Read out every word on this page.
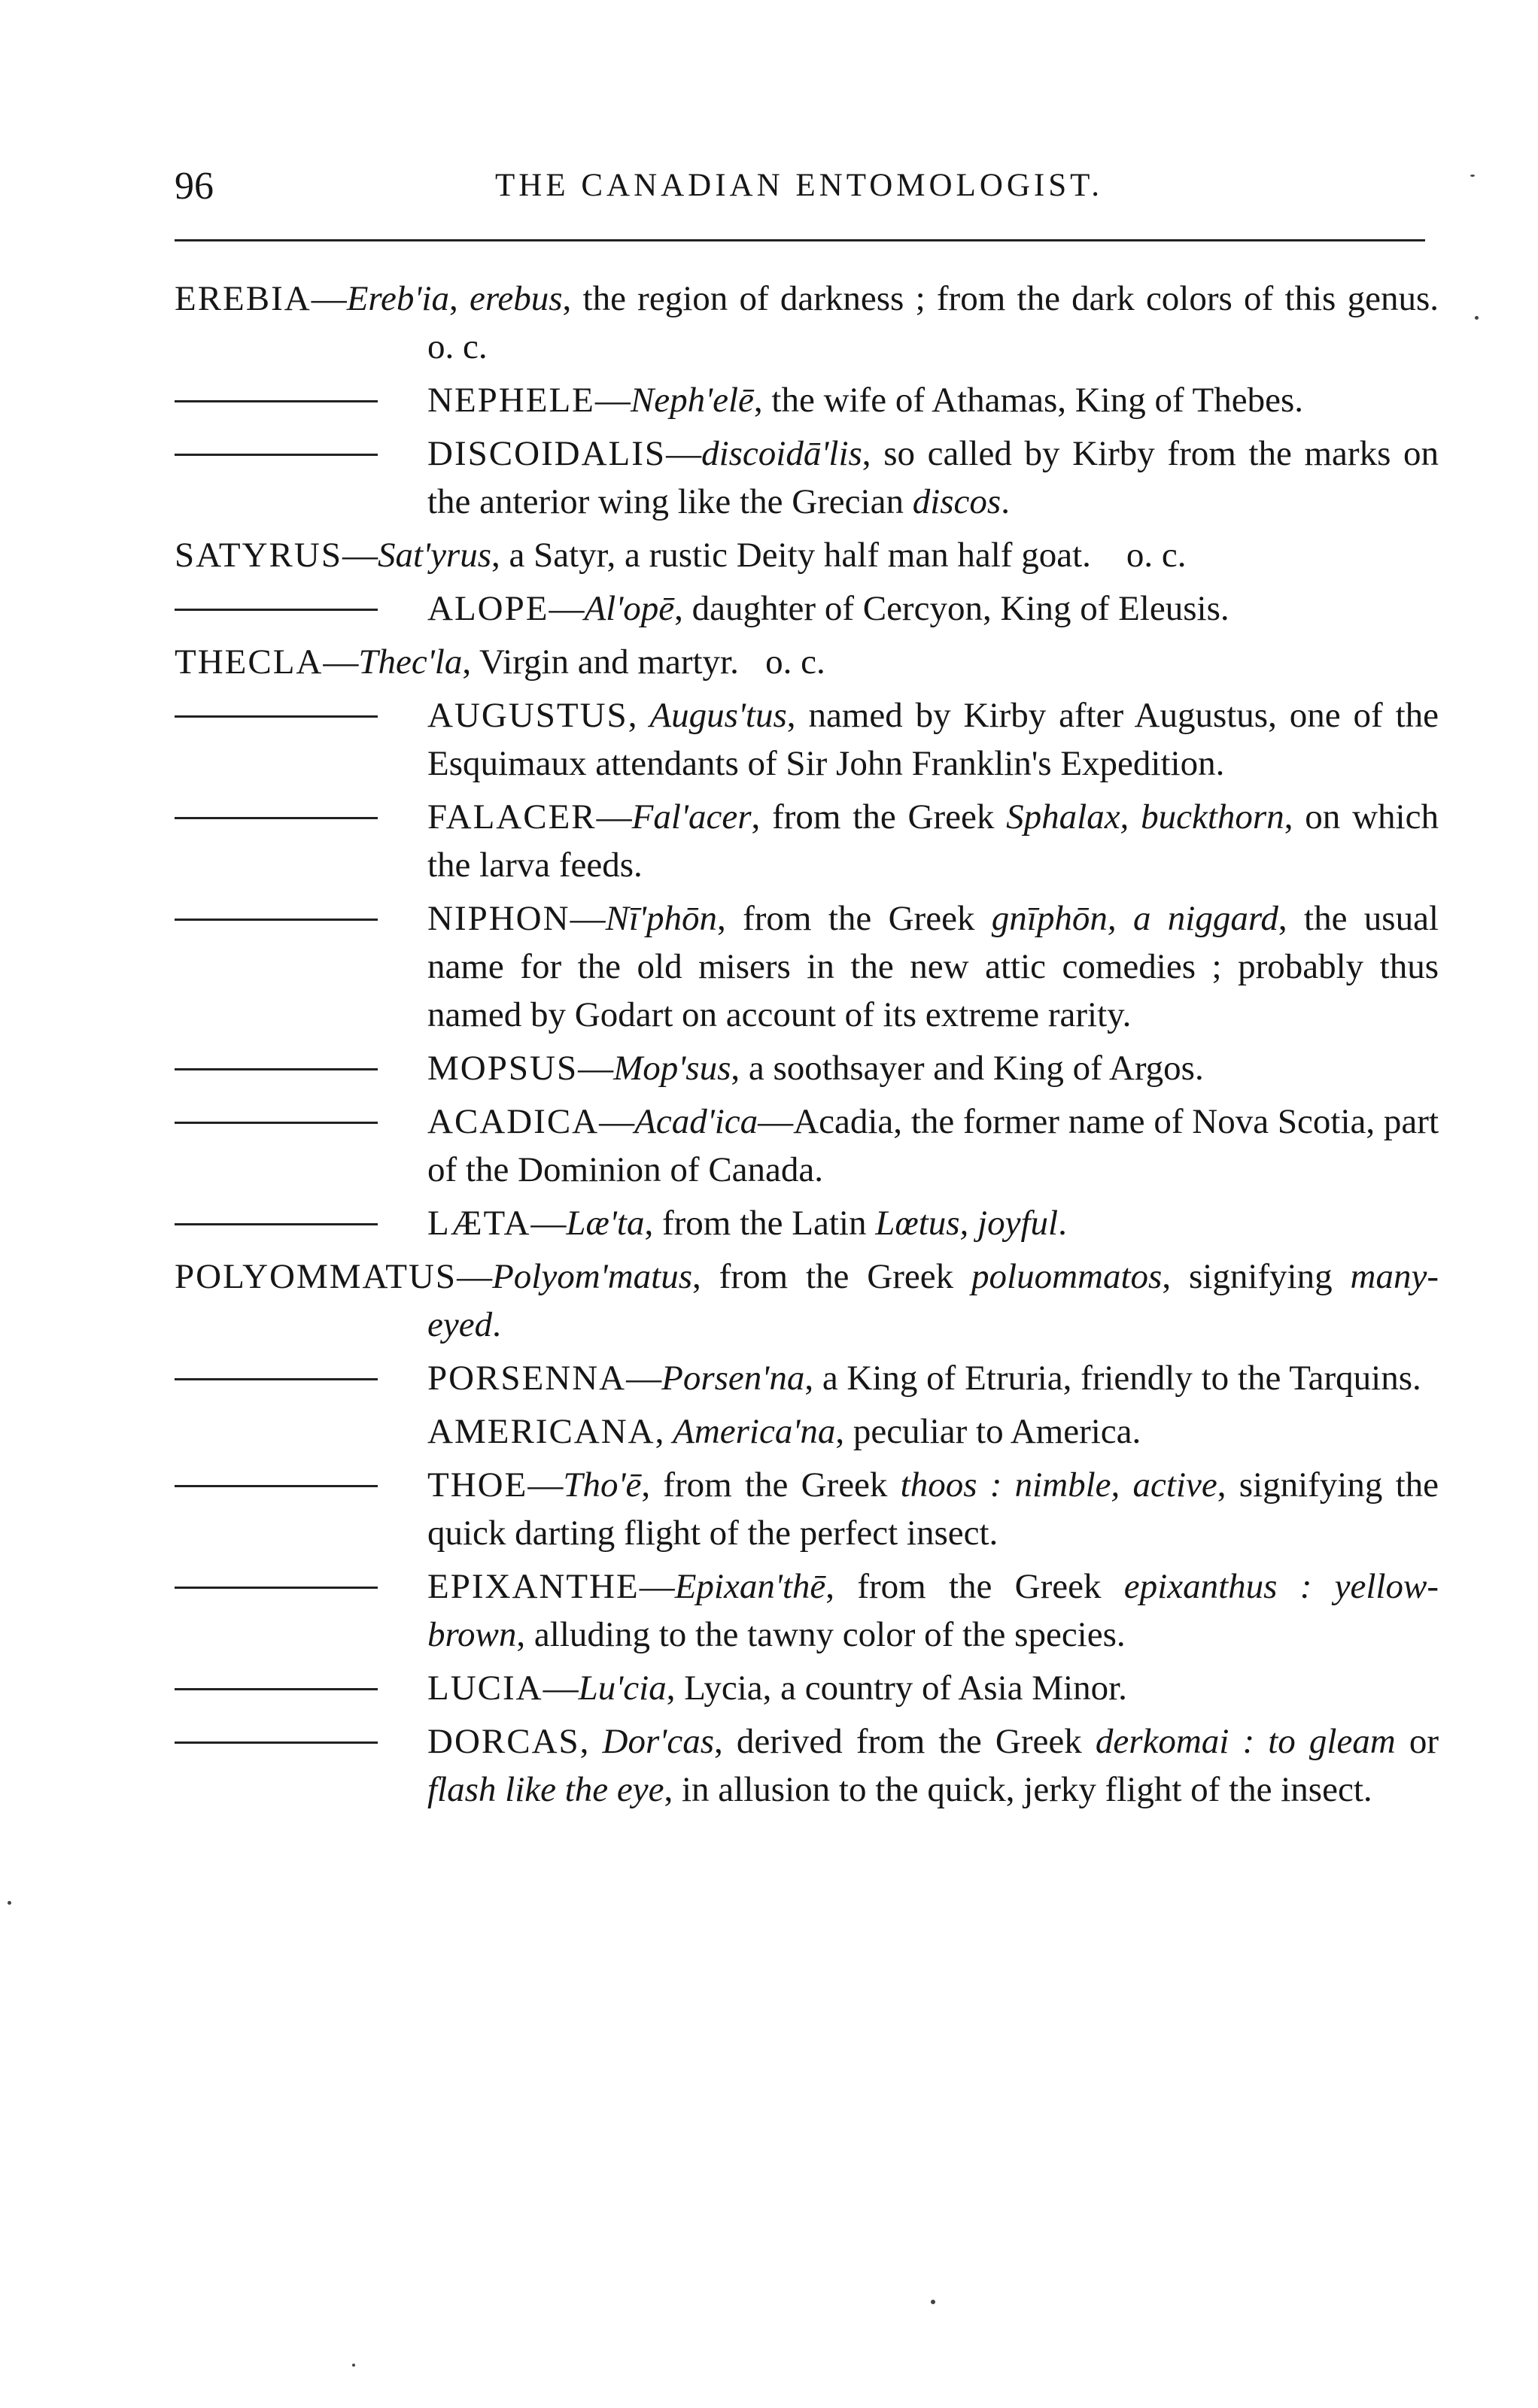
96	THE CANADIAN ENTOMOLOGIST.

EREBIA—Ereb'ia, erebus, the region of darkness ; from the dark colors of this genus. o. c.

NEPHELE—Neph'elē, the wife of Athamas, King of Thebes.

DISCOIDALIS—discoidā'lis, so called by Kirby from the marks on the anterior wing like the Grecian discos.

SATYRUS—Sat'yrus, a Satyr, a rustic Deity half man half goat.    o. c.

ALOPE—Al'opē, daughter of Cercyon, King of Eleusis.

THECLA—Thec'la, Virgin and martyr.   o. c.

AUGUSTUS, Augus'tus, named by Kirby after Augustus, one of the Esquimaux attendants of Sir John Franklin's Expedition.

FALACER—Fal'acer, from the Greek Sphalax, buckthorn, on which the larva feeds.

NIPHON—Nī'phōn, from the Greek gnīphōn, a niggard, the usual name for the old misers in the new attic comedies ; probably thus named by Godart on account of its extreme rarity.

MOPSUS—Mop'sus, a soothsayer and King of Argos.

ACADICA—Acad'ica—Acadia, the former name of Nova Scotia, part of the Dominion of Canada.

LÆTA—Læ'ta, from the Latin Lœtus, joyful.

POLYOMMATUS—Polyom'matus, from the Greek poluommatos, signifying many-eyed.

PORSENNA—Porsen'na, a King of Etruria, friendly to the Tarquins.

AMERICANA, America'na, peculiar to America.

THOE—Tho'ē, from the Greek thoos : nimble, active, signifying the quick darting flight of the perfect insect.

EPIXANTHE—Epixan'thē, from the Greek epixanthus : yellow-brown, alluding to the tawny color of the species.

LUCIA—Lu'cia, Lycia, a country of Asia Minor.

DORCAS, Dor'cas, derived from the Greek derkomai : to gleam or flash like the eye, in allusion to the quick, jerky flight of the insect.
